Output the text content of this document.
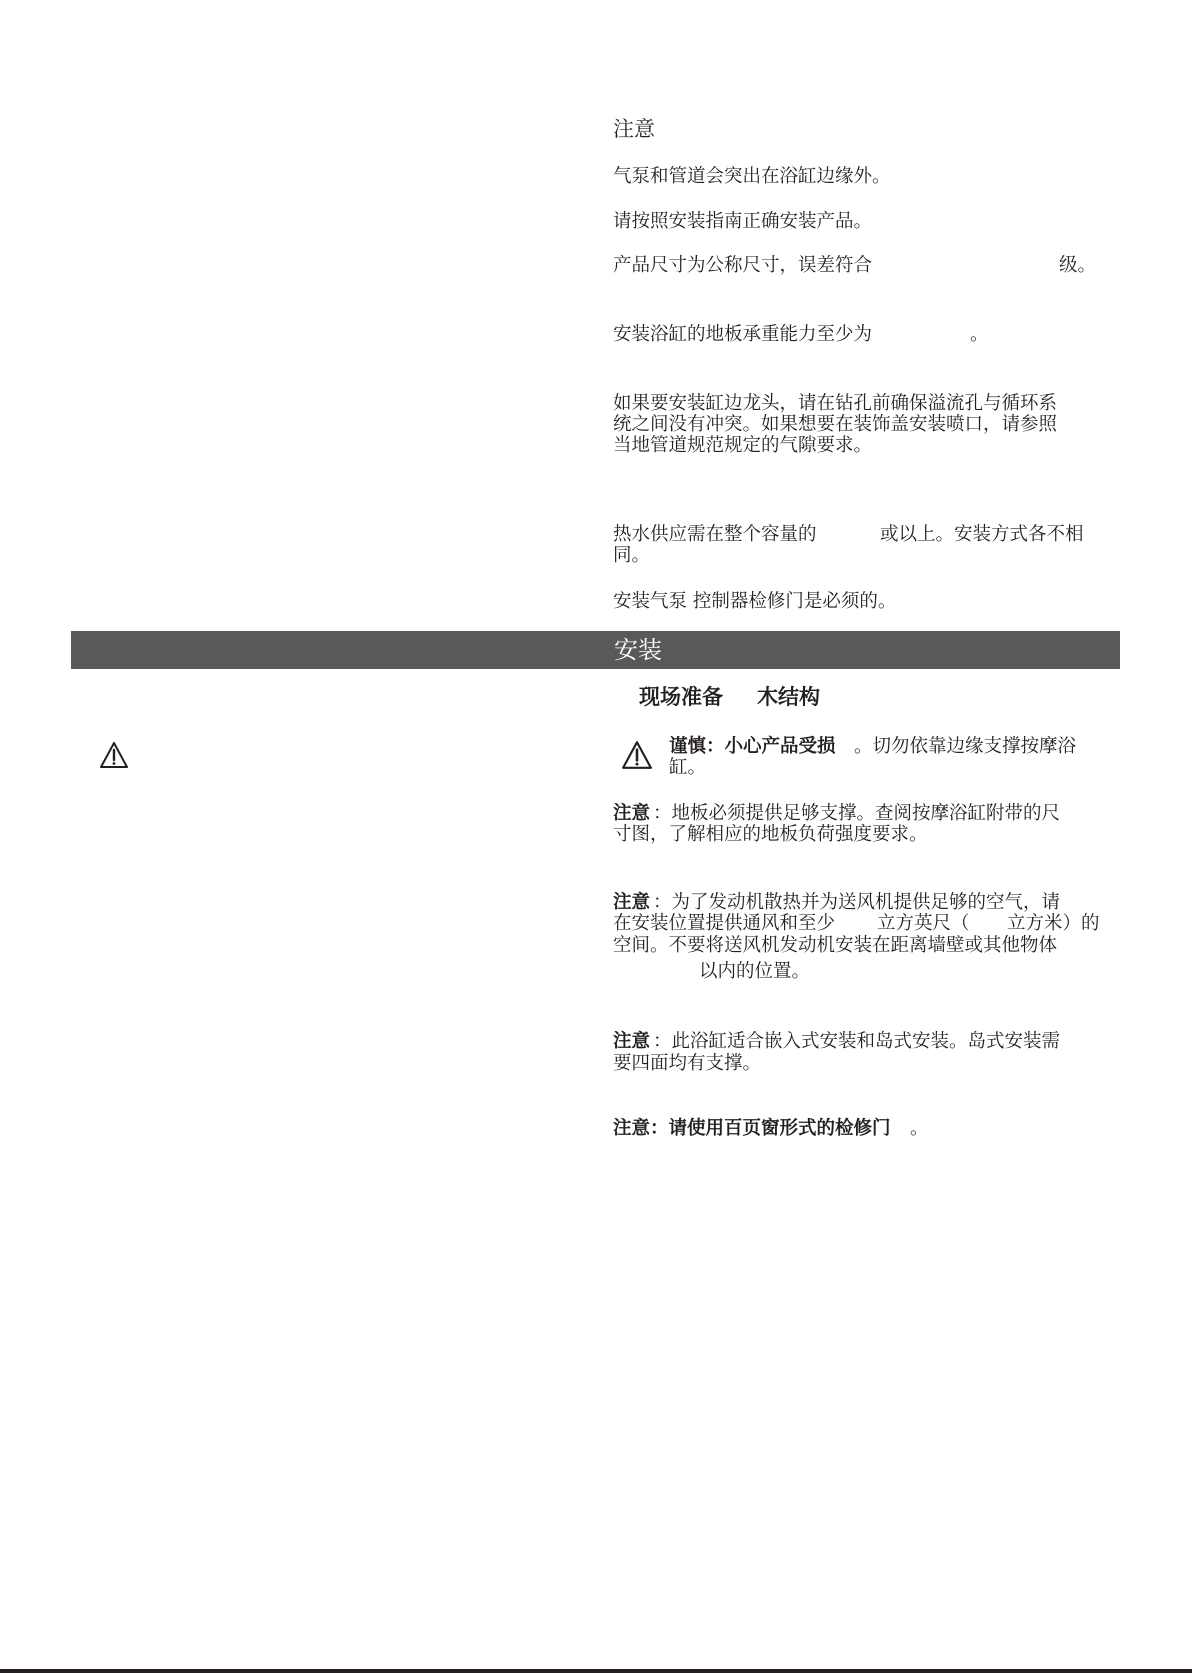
注意

气泵和管道会突出在浴缸边缘外。

请按照安装指南正确安装产品。

产品尺寸为公称尺寸，误差符合	级。

安装浴缸的地板承重能力至少为	。

如果要安装缸边龙头，请在钻孔前确保溢流孔与循环系

统之间没有冲突。如果想要在装饰盖安装喷口，请参照

当地管道规范规定的气隙要求。

热水供应需在整个容量的	或以上。安装方式各不相

同。

安装气泵 控制器检修门是必须的。

安装

现场准备 木结构

谨慎：小心产品受损 。切勿依靠边缘支撑按摩浴

缸。

注意 ：地板必须提供足够支撑。查阅按摩浴缸附带的尺

寸图，了解相应的地板负荷强度要求。

注意 ：为了发动机散热并为送风机提供足够的空气，请

在安装位置提供通风和至少 立方英尺（ 立方米）的

空间。不要将送风机发动机安装在距离墙壁或其他物体

以内的位置。

注意 ：此浴缸适合嵌入式安装和岛式安装。岛式安装需

要四面均有支撑。

注意：请使用百页窗形式的检修门 。
